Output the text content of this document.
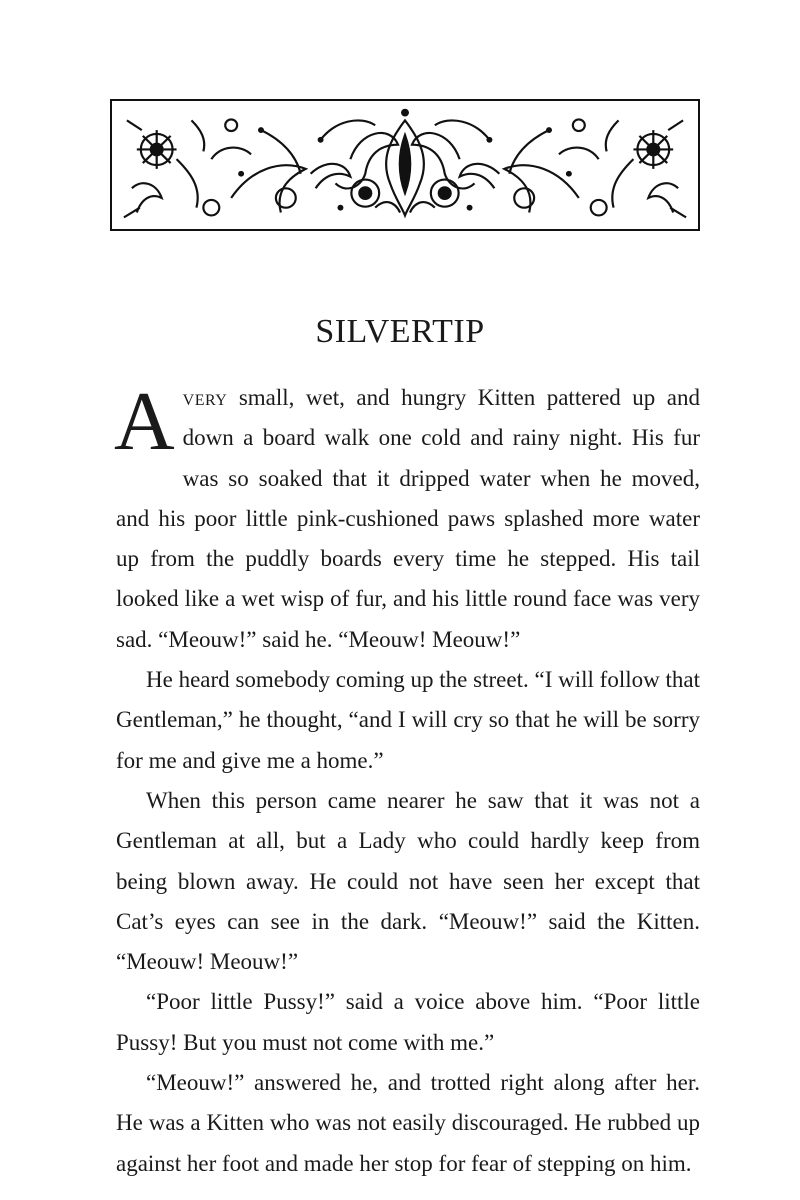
SILVERTIP

Avery small, wet, and hungry Kitten pattered up and down a board walk one cold and rainy night. His fur was so soaked that it dripped water when he moved, and his poor little pink-cushioned paws splashed more water up from the puddly boards every time he stepped. His tail looked like a wet wisp of fur, and his little round face was very sad. “Meouw!” said he. “Meouw! Meouw!”

He heard somebody coming up the street. “I will follow that Gentleman,” he thought, “and I will cry so that he will be sorry for me and give me a home.”

When this person came nearer he saw that it was not a Gentleman at all, but a Lady who could hardly keep from being blown away. He could not have seen her except that Cat’s eyes can see in the dark. “Meouw!” said the Kitten. “Meouw! Meouw!”

“Poor little Pussy!” said a voice above him. “Poor little Pussy! But you must not come with me.”

“Meouw!” answered he, and trotted right along after her. He was a Kitten who was not easily discouraged. He rubbed up against her foot and made her stop for fear of stepping on him.
